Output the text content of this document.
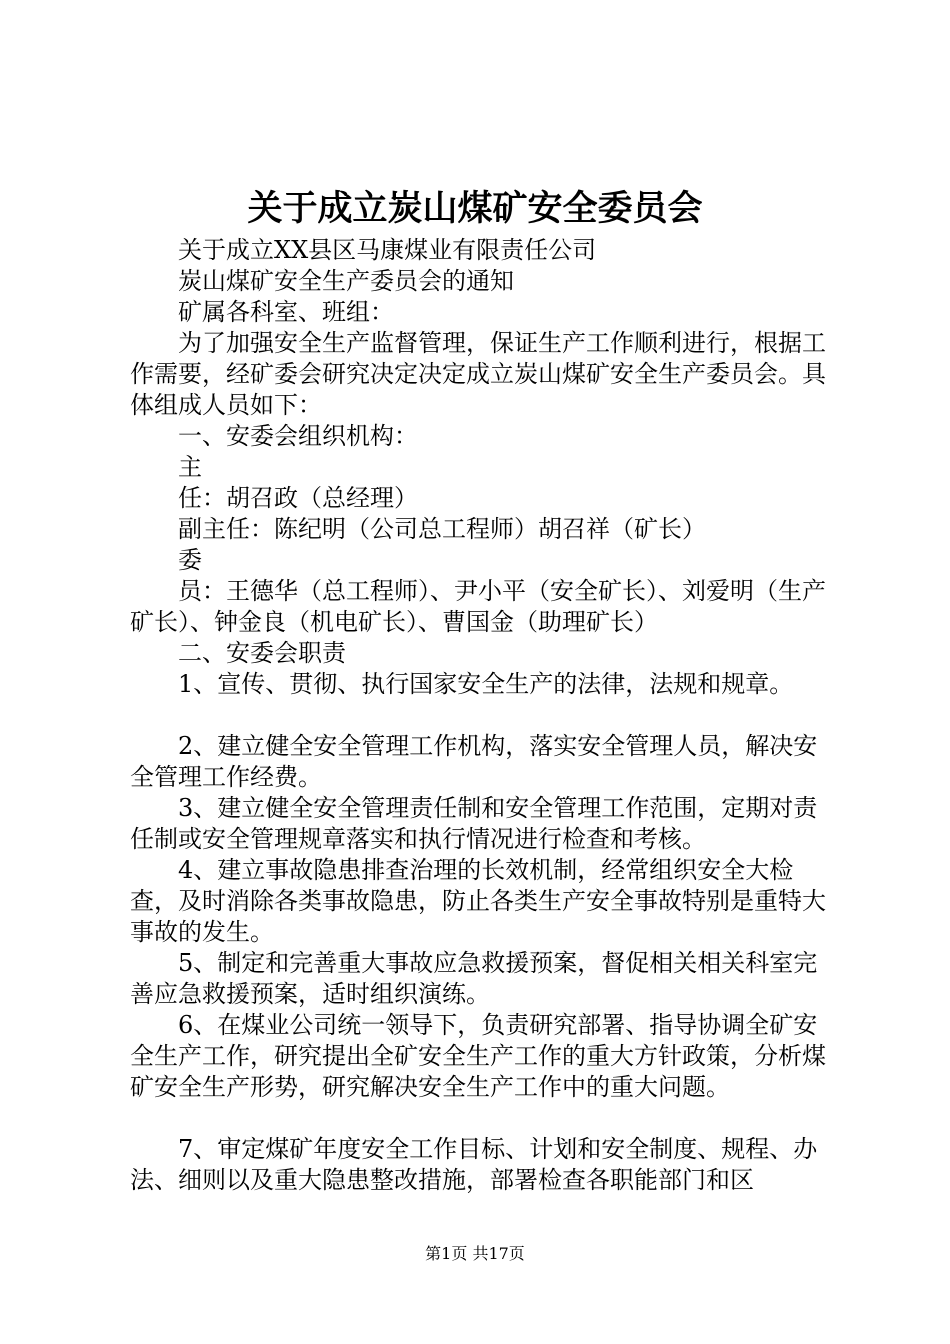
关于成立炭山煤矿安全委员会

关于成立XX县区马康煤业有限责任公司

炭山煤矿安全生产委员会的通知

矿属各科室、班组：

为了加强安全生产监督管理，保证生产工作顺利进行，根据工作需要，经矿委会研究决定决定成立炭山煤矿安全生产委员会。具体组成人员如下：

一、安委会组织机构：

主

任：胡召政（总经理）

副主任：陈纪明（公司总工程师）胡召祥（矿长）

委

员：王德华（总工程师）、尹小平（安全矿长）、刘爱明（生产矿长）、钟金良（机电矿长）、曹国金（助理矿长）

二、安委会职责

1、宣传、贯彻、执行国家安全生产的法律，法规和规章。

2、建立健全安全管理工作机构，落实安全管理人员，解决安全管理工作经费。

3、建立健全安全管理责任制和安全管理工作范围，定期对责任制或安全管理规章落实和执行情况进行检查和考核。

4、建立事故隐患排查治理的长效机制，经常组织安全大检查，及时消除各类事故隐患，防止各类生产安全事故特别是重特大事故的发生。

5、制定和完善重大事故应急救援预案，督促相关相关科室完善应急救援预案，适时组织演练。

6、在煤业公司统一领导下，负责研究部署、指导协调全矿安全生产工作，研究提出全矿安全生产工作的重大方针政策，分析煤矿安全生产形势，研究解决安全生产工作中的重大问题。

7、审定煤矿年度安全工作目标、计划和安全制度、规程、办法、细则以及重大隐患整改措施，部署检查各职能部门和区

第1页 共17页
